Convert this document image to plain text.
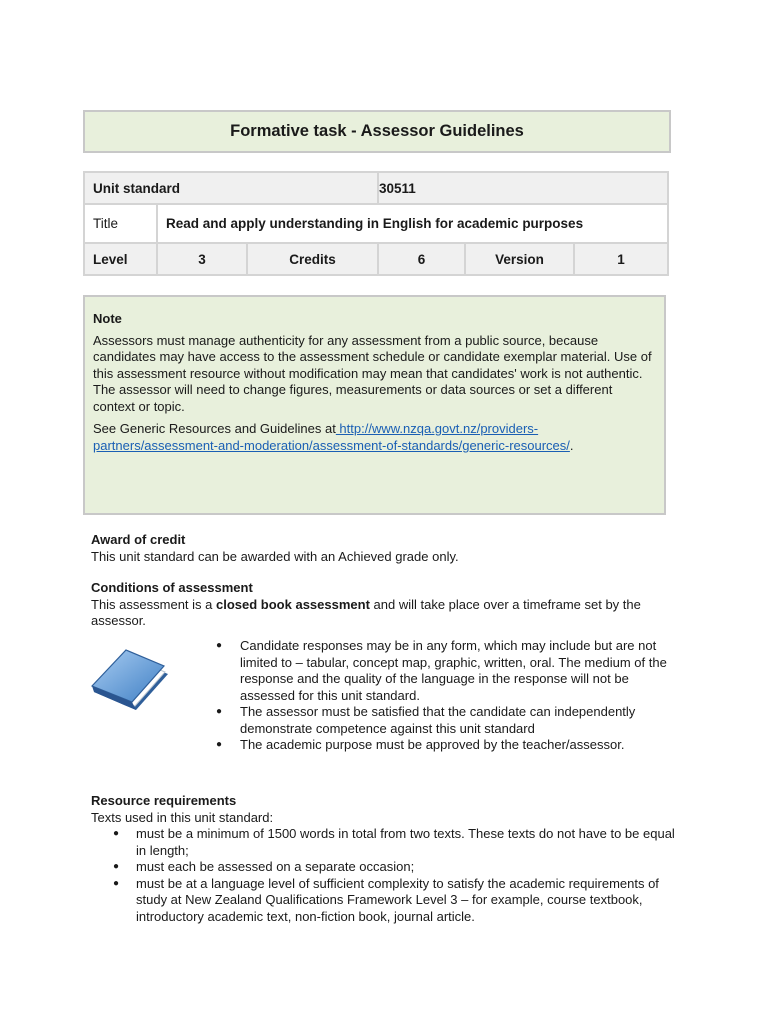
Formative task - Assessor Guidelines
Unit standard			30511		
Title	Read and apply understanding in English for academic purposes				
Level	3	Credits	6	Version	1
Note

Assessors must manage authenticity for any assessment from a public source, because candidates may have access to the assessment schedule or candidate exemplar material. Use of this assessment resource without modification may mean that candidates' work is not authentic. The assessor will need to change figures, measurements or data sources or set a different context or topic.

See Generic Resources and Guidelines at http://www.nzqa.govt.nz/providers-partners/assessment-and-moderation/assessment-of-standards/generic-resources/.

Award of credit
This unit standard can be awarded with an Achieved grade only.
Conditions of assessment
This assessment is a closed book assessment and will take place over a timeframe set by the assessor.
● Candidate responses may be in any form, which may include but are not limited to – tabular, concept map, graphic, written, oral. The medium of the response and the quality of the language in the response will not be assessed for this unit standard.
● The assessor must be satisfied that the candidate can independently demonstrate competence against this unit standard
● The academic purpose must be approved by the teacher/assessor.
Resource requirements
Texts used in this unit standard:
● must be a minimum of 1500 words in total from two texts. These texts do not have to be equal in length;
● must each be assessed on a separate occasion;
● must be at a language level of sufficient complexity to satisfy the academic requirements of study at New Zealand Qualifications Framework Level 3 – for example, course textbook, introductory academic text, non-fiction book, journal article.
